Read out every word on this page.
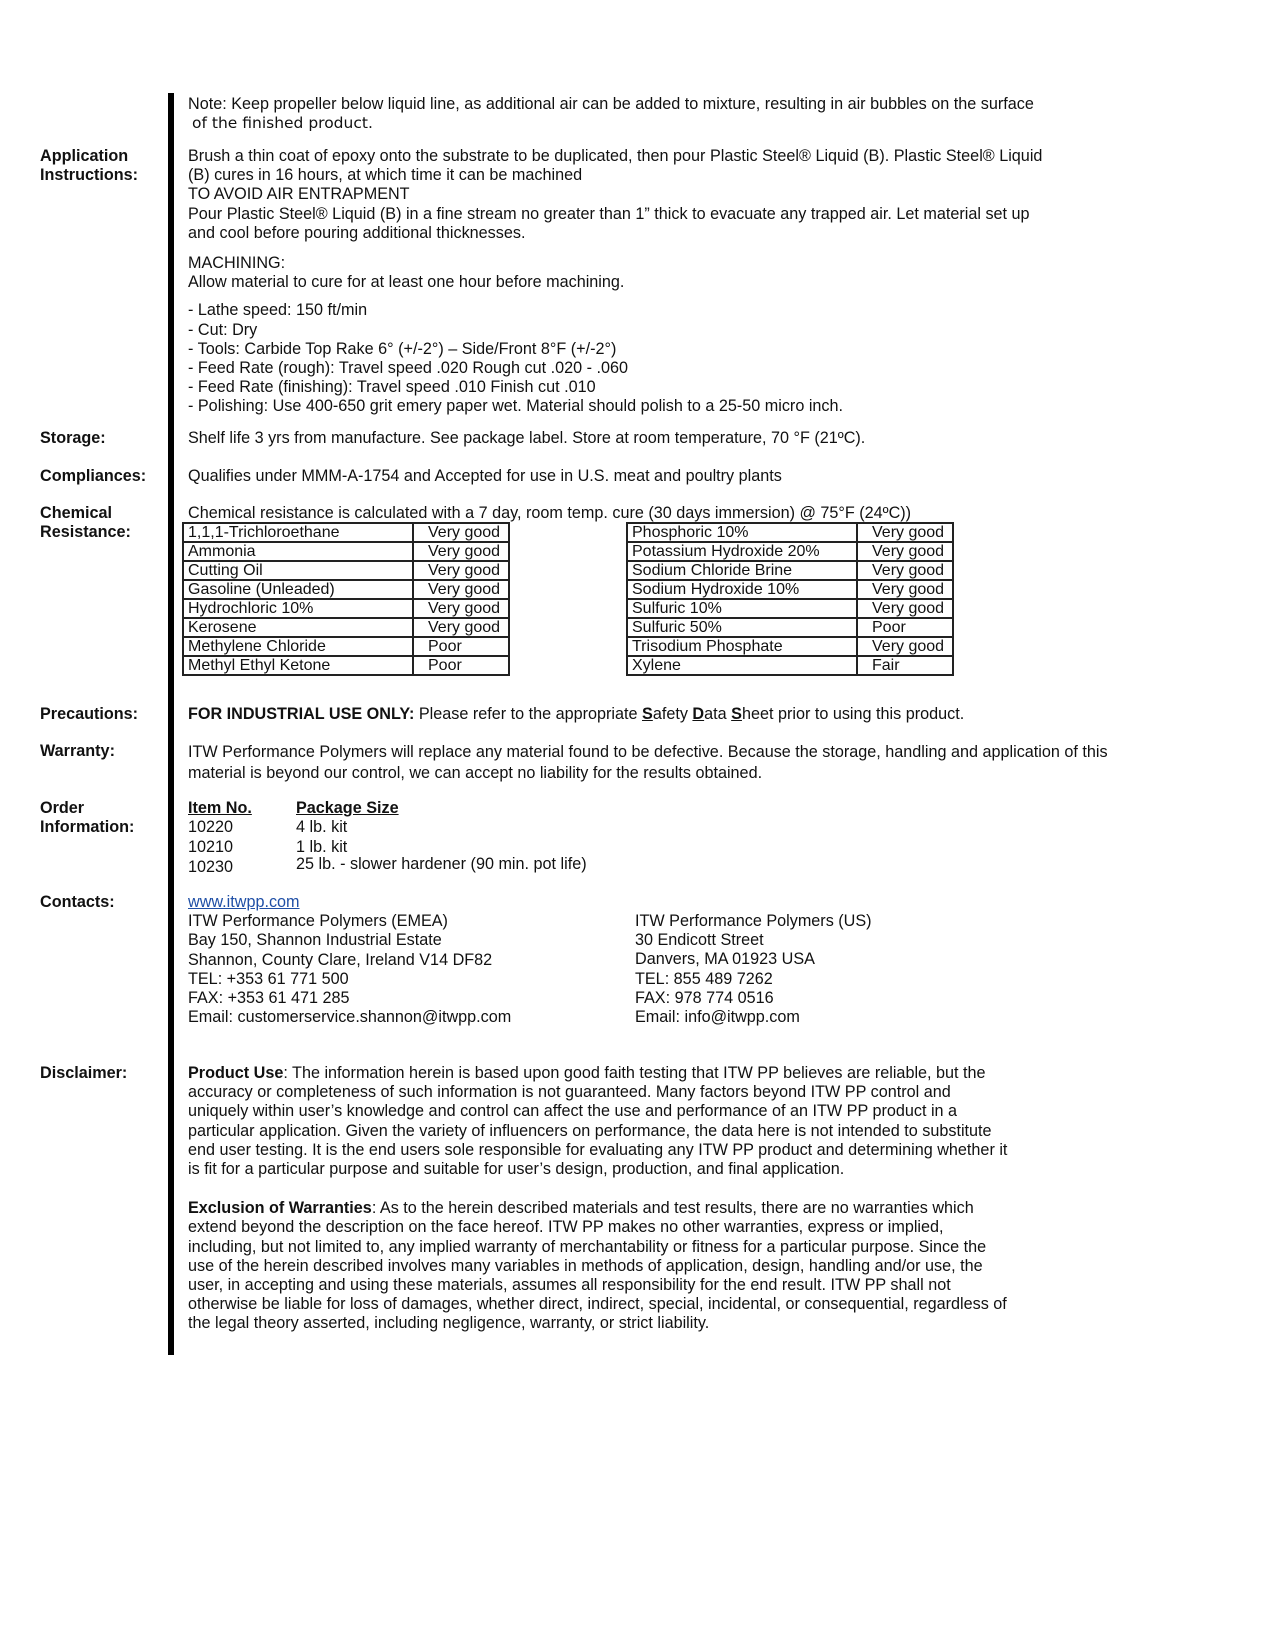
Note: Keep propeller below liquid line, as additional air can be added to mixture, resulting in air bubbles on the surface

of the finished product.

Application
Instructions:

Brush a thin coat of epoxy onto the substrate to be duplicated, then pour Plastic Steel® Liquid (B). Plastic Steel® Liquid

(B) cures in 16 hours, at which time it can be machined

TO AVOID AIR ENTRAPMENT

Pour Plastic Steel® Liquid (B) in a fine stream no greater than 1” thick to evacuate any trapped air. Let material set up

and cool before pouring additional thicknesses.

MACHINING:

Allow material to cure for at least one hour before machining.

- Lathe speed: 150 ft/min

- Cut: Dry

- Tools: Carbide Top Rake 6° (+/-2°) – Side/Front 8°F (+/-2°)

- Feed Rate (rough): Travel speed .020 Rough cut .020 - .060

- Feed Rate (finishing): Travel speed .010 Finish cut .010

- Polishing: Use 400-650 grit emery paper wet. Material should polish to a 25-50 micro inch.

Storage:	Shelf life 3 yrs from manufacture. See package label. Store at room temperature, 70 °F (21ºC).
Compliances:	Qualifies under MMM-A-1754 and Accepted for use in U.S. meat and poultry plants
Chemical
Resistance:
Chemical resistance is calculated with a 7 day, room temp. cure (30 days immersion) @ 75°F (24ºC))
1,1,1-Trichloroethane	Very good
Ammonia	Very good
Cutting Oil	Very good
Gasoline (Unleaded)	Very good
Hydrochloric 10%	Very good
Kerosene	Very good
Methylene Chloride	Poor
Methyl Ethyl Ketone	Poor
Phosphoric 10%	Very good
Potassium Hydroxide 20%	Very good
Sodium Chloride Brine	Very good
Sodium Hydroxide 10%	Very good
Sulfuric 10%	Very good
Sulfuric 50%	Poor
Trisodium Phosphate	Very good
Xylene	Fair
Precautions:	FOR INDUSTRIAL USE ONLY: Please refer to the appropriate Safety Data Sheet prior to using this product.
Warranty:	ITW Performance Polymers will replace any material found to be defective. Because the storage, handling and application of this

material is beyond our control, we can accept no liability for the results obtained.

Order
Information:
Item No.	Package Size
10220	4 lb. kit
10210	1 lb. kit
10230	25 lb. - slower hardener (90 min. pot life)
Contacts:	www.itwpp.com

ITW Performance Polymers (EMEA)

Bay 150, Shannon Industrial Estate

Shannon, County Clare, Ireland V14 DF82

TEL: +353 61 771 500

FAX: +353 61 471 285

Email: customerservice.shannon@itwpp.com

ITW Performance Polymers (US)

30 Endicott Street

Danvers, MA 01923 USA

TEL: 855 489 7262

FAX: 978 774 0516

Email: info@itwpp.com

Disclaimer:	Product Use: The information herein is based upon good faith testing that ITW PP believes are reliable, but the

accuracy or completeness of such information is not guaranteed. Many factors beyond ITW PP control and

uniquely within user’s knowledge and control can affect the use and performance of an ITW PP product in a

particular application. Given the variety of influencers on performance, the data here is not intended to substitute

end user testing. It is the end users sole responsible for evaluating any ITW PP product and determining whether it

is fit for a particular purpose and suitable for user’s design, production, and final application.

Exclusion of Warranties: As to the herein described materials and test results, there are no warranties which

extend beyond the description on the face hereof. ITW PP makes no other warranties, express or implied,

including, but not limited to, any implied warranty of merchantability or fitness for a particular purpose. Since the

use of the herein described involves many variables in methods of application, design, handling and/or use, the

user, in accepting and using these materials, assumes all responsibility for the end result. ITW PP shall not

otherwise be liable for loss of damages, whether direct, indirect, special, incidental, or consequential, regardless of

the legal theory asserted, including negligence, warranty, or strict liability.
